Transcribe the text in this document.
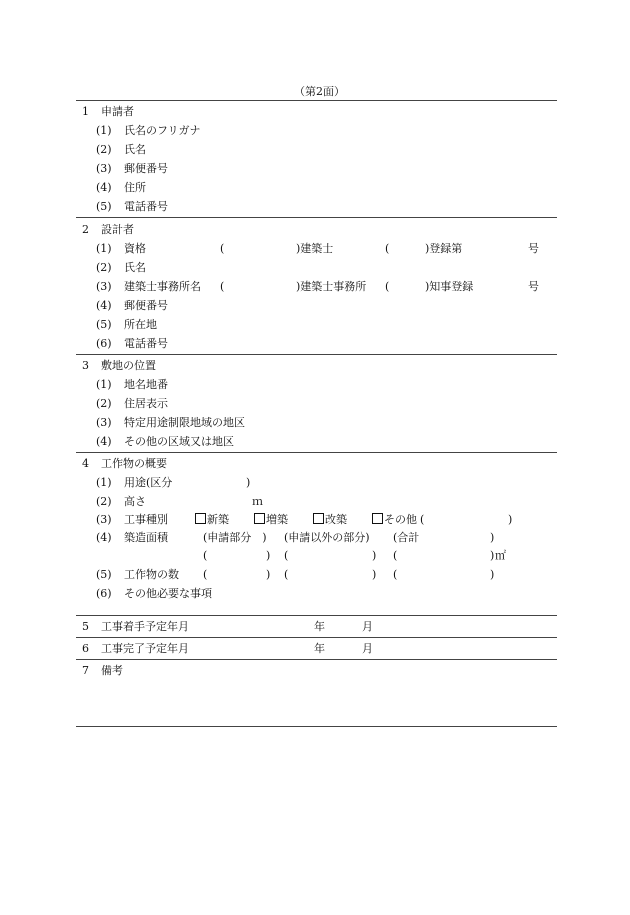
（第2面）
1 申請者
(1) 氏名のフリガナ
(2) 氏名
(3) 郵便番号
(4) 住所
(5) 電話番号
2 設計者
(1) 資格	(	)建築士	(	)登録第	号
(2) 氏名
(3) 建築士事務所名 (	)建築士事務所 (	)知事登録	号
(4) 郵便番号
(5) 所在地
(6) 電話番号
3 敷地の位置
(1) 地名地番
(2) 住居表示
(3) 特定用途制限地域の地区
(4) その他の区域又は地区
4 工作物の概要
(1) 用途(区分	)
(2) 高さ	ｍ
(3) 工事種別	新築	増築	改築	その他 (	)
(4) 築造面積	(申請部分　) (申請以外の部分) (合計	)
(	) (	) (	) ㎡
(5) 工作物の数 (	) (	) (	)
(6) その他必要な事項
5 工事着手予定年月	年	月
6 工事完了予定年月	年	月
7 備考
